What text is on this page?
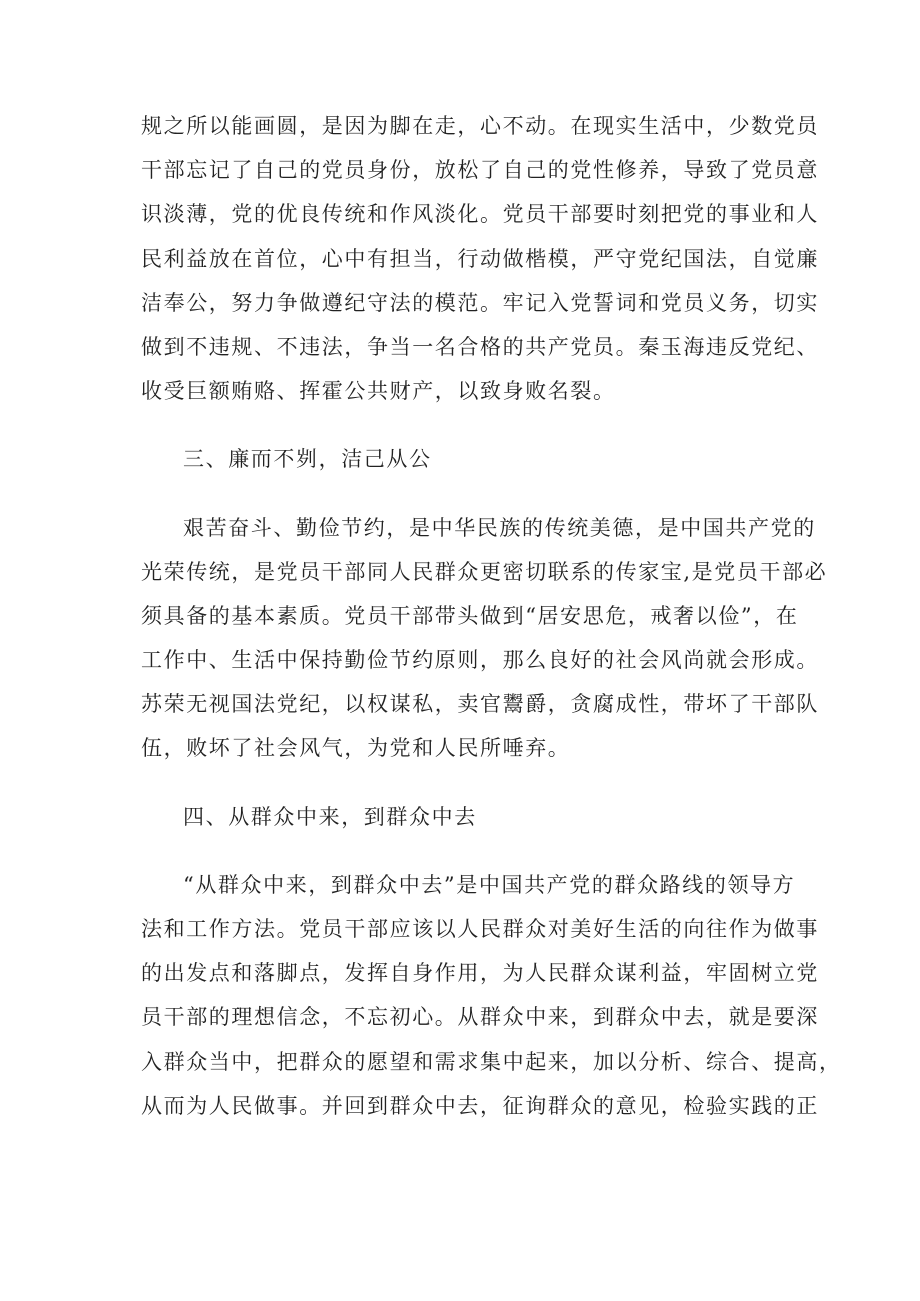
规之所以能画圆，是因为脚在走，心不动。在现实生活中，少数党员
干部忘记了自己的党员身份，放松了自己的党性修养，导致了党员意
识淡薄，党的优良传统和作风淡化。党员干部要时刻把党的事业和人
民利益放在首位，心中有担当，行动做楷模，严守党纪国法，自觉廉
洁奉公，努力争做遵纪守法的模范。牢记入党誓词和党员义务，切实
做到不违规、不违法，争当一名合格的共产党员。秦玉海违反党纪、
收受巨额贿赂、挥霍公共财产，以致身败名裂。
三、廉而不刿，洁己从公
艰苦奋斗、勤俭节约，是中华民族的传统美德，是中国共产党的
光荣传统，是党员干部同人民群众更密切联系的传家宝,是党员干部必
须具备的基本素质。党员干部带头做到“居安思危，戒奢以俭”，在
工作中、生活中保持勤俭节约原则，那么良好的社会风尚就会形成。
苏荣无视国法党纪，以权谋私，卖官鬻爵，贪腐成性，带坏了干部队
伍，败坏了社会风气，为党和人民所唾弃。
四、从群众中来，到群众中去
“从群众中来，到群众中去”是中国共产党的群众路线的领导方
法和工作方法。党员干部应该以人民群众对美好生活的向往作为做事
的出发点和落脚点，发挥自身作用，为人民群众谋利益，牢固树立党
员干部的理想信念，不忘初心。从群众中来，到群众中去，就是要深
入群众当中，把群众的愿望和需求集中起来，加以分析、综合、提高，
从而为人民做事。并回到群众中去，征询群众的意见，检验实践的正
